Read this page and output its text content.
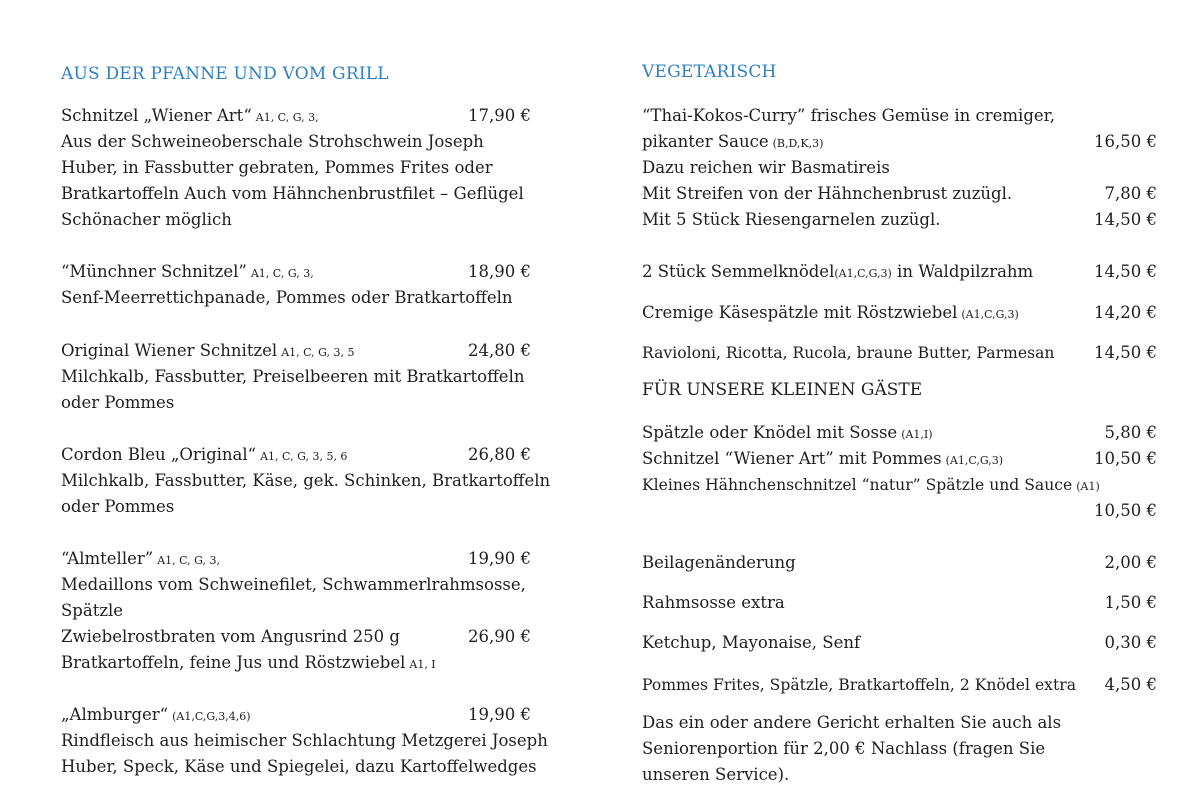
AUS DER PFANNE UND VOM GRILL
Schnitzel „Wiener Art“ A1, C, G, 3,	17,90 €
Aus der Schweineoberschale Strohschwein Joseph Huber, in Fassbutter gebraten, Pommes Frites oder Bratkartoffeln Auch vom Hähnchenbrustfilet – Geflügel Schönacher möglich
“Münchner Schnitzel” A1, C, G, 3,	18,90 €
Senf-Meerrettichpanade, Pommes oder Bratkartoffeln
Original Wiener Schnitzel A1, C, G, 3, 5	24,80 €
Milchkalb, Fassbutter, Preiselbeeren mit Bratkartoffeln oder Pommes
Cordon Bleu „Original“ A1, C, G, 3, 5, 6	26,80 €
Milchkalb, Fassbutter, Käse, gek. Schinken, Bratkartoffeln oder Pommes
“Almteller” A1, C, G, 3,	19,90 €
Medaillons vom Schweinefilet, Schwammerlrahmsosse, Spätzle
Zwiebelrostbraten vom Angusrind 250 g	26,90 €
Bratkartoffeln, feine Jus und Röstzwiebel A1, I
„Almburger“ (A1,C,G,3,4,6)	19,90 €
Rindfleisch aus heimischer Schlachtung Metzgerei Joseph Huber, Speck, Käse und Spiegelei, dazu Kartoffelwedges
VEGETARISCH
“Thai-Kokos-Curry” frisches Gemüse in cremiger,
pikanter Sauce (B,D,K,3)	16,50 €
Dazu reichen wir Basmatireis
Mit Streifen von der Hähnchenbrust zuzügl.	7,80 €
Mit 5 Stück Riesengarnelen zuzügl.	14,50 €
2 Stück Semmelknödel(A1,C,G,3) in Waldpilzrahm	14,50 €
Cremige Käsespätzle mit Röstzwiebel (A1,C,G,3)	14,20 €
Ravioloni, Ricotta, Rucola, braune Butter, Parmesan	14,50 €
FÜR UNSERE KLEINEN GÄSTE
Spätzle oder Knödel mit Sosse (A1,I)	5,80 €
Schnitzel “Wiener Art” mit Pommes (A1,C,G,3)	10,50 €
Kleines Hähnchenschnitzel “natur” Spätzle und Sauce (A1)
10,50 €
Beilagenänderung	2,00 €
Rahmsosse extra	1,50 €
Ketchup, Mayonaise, Senf	0,30 €
Pommes Frites, Spätzle, Bratkartoffeln, 2 Knödel extra	4,50 €
Das ein oder andere Gericht erhalten Sie auch als Seniorenportion für 2,00 € Nachlass (fragen Sie unseren Service).
